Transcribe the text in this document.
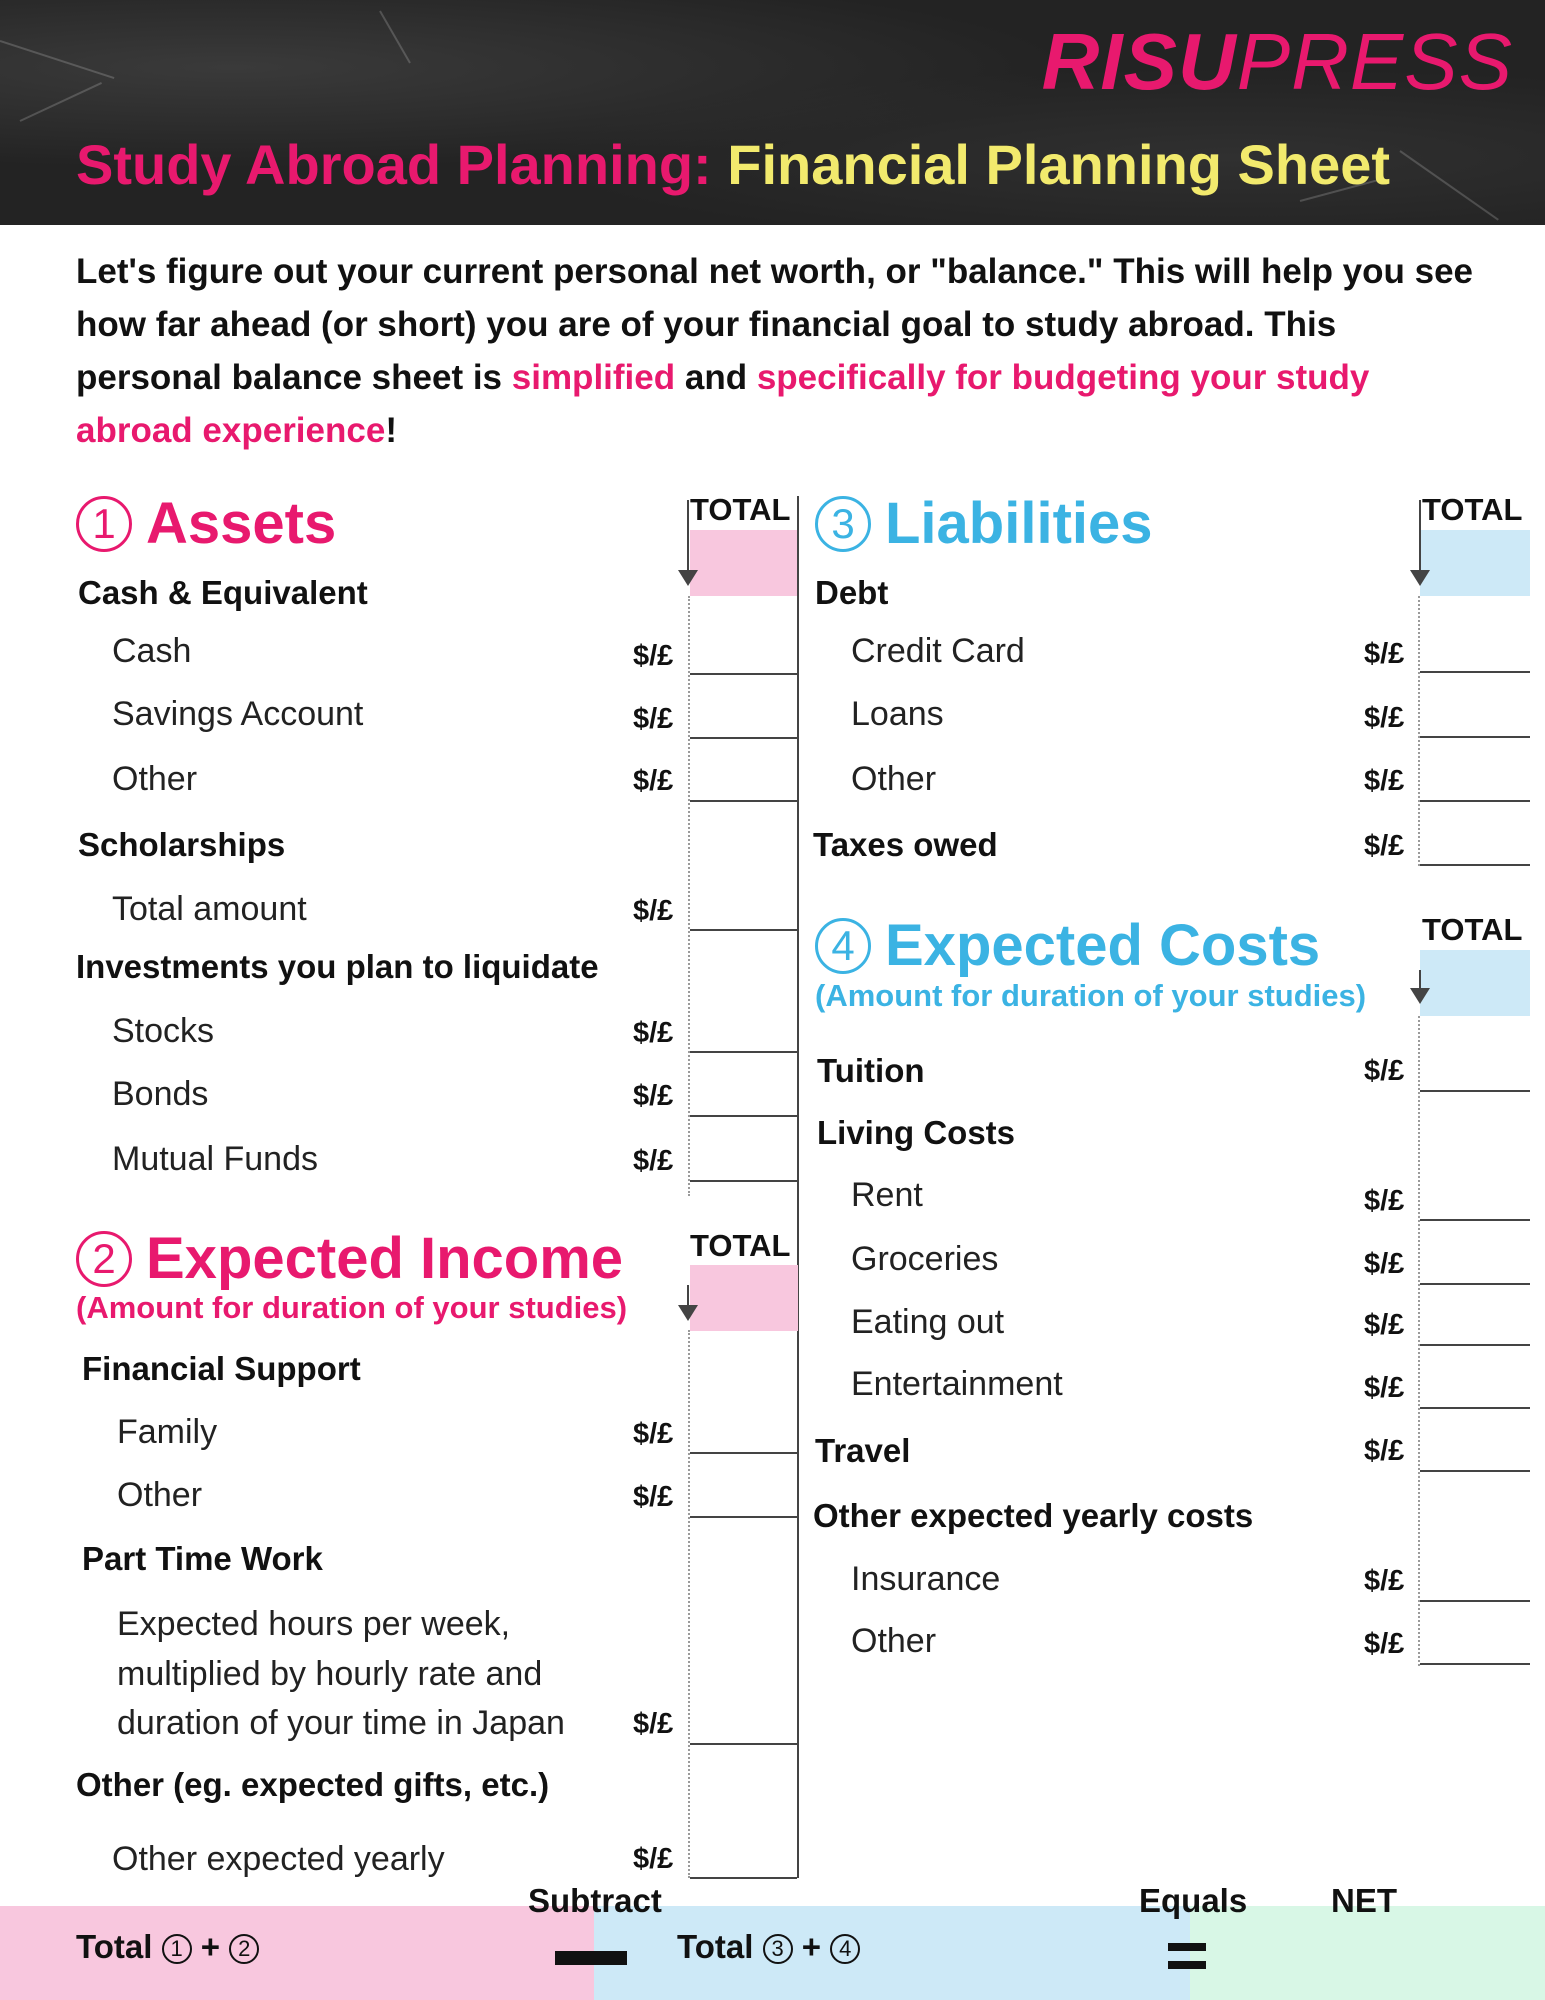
RISUPRESS
Study Abroad Planning: Financial Planning Sheet
Let's figure out your current personal net worth, or "balance." This will help you see how far ahead (or short) you are of your financial goal to study abroad. This personal balance sheet is simplified and specifically for budgeting your study abroad experience!
1 Assets	TOTAL
Cash & Equivalent
Cash	$/£
Savings Account	$/£
Other	$/£
Scholarships
Total amount	$/£
Investments you plan to liquidate
Stocks	$/£
Bonds	$/£
Mutual Funds	$/£
2 Expected Income
(Amount for duration of your studies)
TOTAL
Financial Support
Family	$/£
Other	$/£
Part Time Work
Expected hours per week,
multiplied by hourly rate and
duration of your time in Japan $/£
Other (eg. expected gifts, etc.)
Other expected yearly	$/£
3 Liabilities	TOTAL
Debt
Credit Card	$/£
Loans	$/£
Other	$/£
Taxes owed	$/£
4 Expected Costs
(Amount for duration of your studies)
TOTAL
Tuition	$/£
Living Costs
Rent	$/£
Groceries	$/£
Eating out	$/£
Entertainment	$/£
Travel	$/£
Other expected yearly costs
Insurance	$/£
Other	$/£
Total 1 + 2	Total 3 + 4
Subtract	Equals	NET
